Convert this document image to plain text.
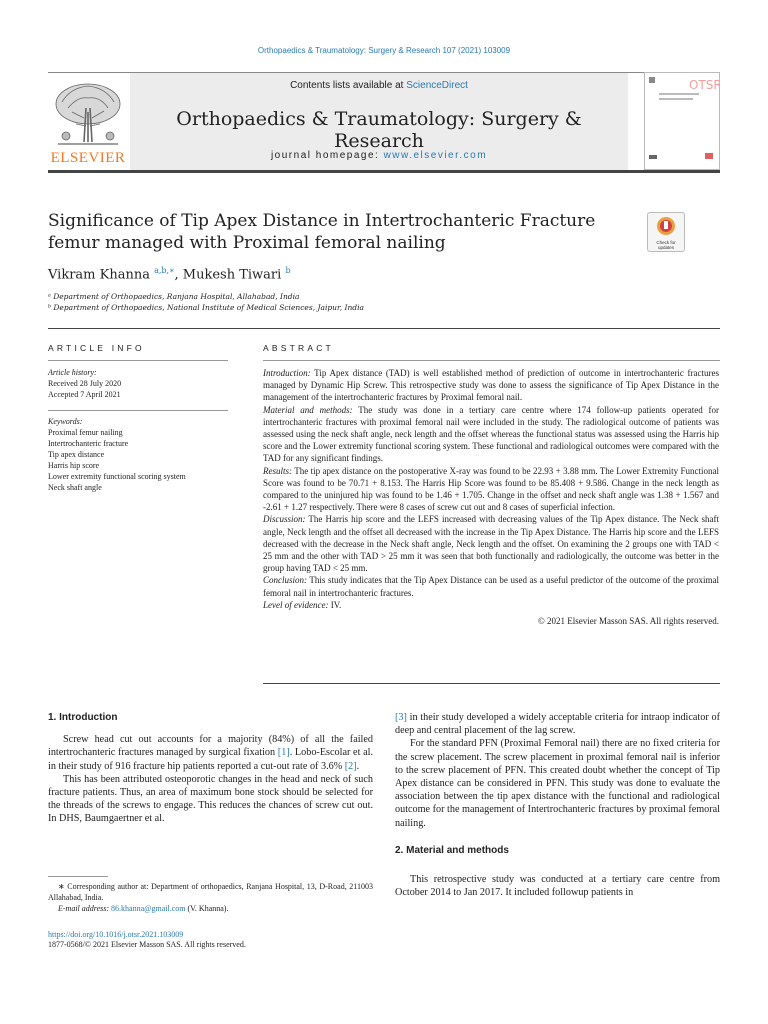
Orthopaedics & Traumatology: Surgery & Research 107 (2021) 103009
ELSEVIER
Contents lists available at ScienceDirect
Orthopaedics & Traumatology: Surgery & Research
journal homepage: www.elsevier.com
OTSR
Significance of Tip Apex Distance in Intertrochanteric Fracture femur managed with Proximal femoral nailing	Check for
updates
Vikram Khanna $^{a,b,∗}$, Mukesh Tiwari $^b$
ᵃ Department of Orthopaedics, Ranjana Hospital, Allahabad, India
ᵇ Department of Orthopaedics, National Institute of Medical Sciences, Jaipur, India
ARTICLE INFO	ABSTRACT
Article history:
Received 28 July 2020
Accepted 7 April 2021
Keywords:
Proximal femur nailing
Intertrochanteric fracture
Tip apex distance
Harris hip score
Lower extremity functional scoring system
Neck shaft angle

Introduction: Tip Apex distance (TAD) is well established method of prediction of outcome in intertrochanteric fractures managed by Dynamic Hip Screw. This retrospective study was done to assess the significance of Tip Apex Distance in the management of the intertrochanteric fractures by Proximal femoral nail.

Material and methods: The study was done in a tertiary care centre where 174 follow-up patients operated for intertrochanteric fractures with proximal femoral nail were included in the study. The radiological outcome of patients was assessed using the neck shaft angle, neck length and the offset whereas the functional status was assessed using the Harris hip score and the Lower extremity functional scoring system. These functional and radiological outcomes were compared with the TAD for any significant findings.

Results: The tip apex distance on the postoperative X-ray was found to be 22.93 + 3.88 mm. The Lower Extremity Functional Score was found to be 70.71 + 8.153. The Harris Hip Score was found to be 85.408 + 9.586. Change in the neck length as compared to the uninjured hip was found to be 1.46 + 1.705. Change in the offset and neck shaft angle was 1.38 + 1.567 and -2.61 + 1.27 respectively. There were 8 cases of screw cut out and 8 cases of superficial infection.

Discussion: The Harris hip score and the LEFS increased with decreasing values of the Tip Apex distance. The Neck shaft angle, Neck length and the offset all decreased with the increase in the Tip Apex Distance. The Harris hip score and the LEFS decreased with the decrease in the Neck shaft angle, Neck length and the offset. On examining the 2 groups one with TAD < 25 mm and the other with TAD > 25 mm it was seen that both functionally and radiologically, the outcome was better in the group having TAD < 25 mm.

Conclusion: This study indicates that the Tip Apex Distance can be used as a useful predictor of the outcome of the proximal femoral nail in intertrochanteric fractures.

Level of evidence: IV.

© 2021 Elsevier Masson SAS. All rights reserved.

1. Introduction

Screw head cut out accounts for a majority (84%) of all the failed intertrochanteric fractures managed by surgical fixation [1]. Lobo-Escolar et al. in their study of 916 fracture hip patients reported a cut-out rate of 3.6% [2].

This has been attributed osteoporotic changes in the head and neck of such fracture patients. Thus, an area of maximum bone stock should be selected for the threads of the screws to engage. This reduces the chances of screw cut out. In DHS, Baumgaertner et al.

∗ Corresponding author at: Department of orthopaedics, Ranjana Hospital, 13, D-Road, 211003 Allahabad, India.
E-mail address: 86.khanna@gmail.com (V. Khanna).
https://doi.org/10.1016/j.otsr.2021.103009
1877-0568/© 2021 Elsevier Masson SAS. All rights reserved.

[3] in their study developed a widely acceptable criteria for intraop indicator of deep and central placement of the lag screw.

For the standard PFN (Proximal Femoral nail) there are no fixed criteria for the screw placement. The screw placement in proximal femoral nail is inferior to the screw placement of PFN. This created doubt whether the concept of Tip Apex distance can be considered in PFN. This study was done to evaluate the association between the tip apex distance with the functional and radiological outcome for the management of Intertrochanteric fractures by proximal femoral nailing.

2. Material and methods

This retrospective study was conducted at a tertiary care centre from October 2014 to Jan 2017. It included followup patients in
